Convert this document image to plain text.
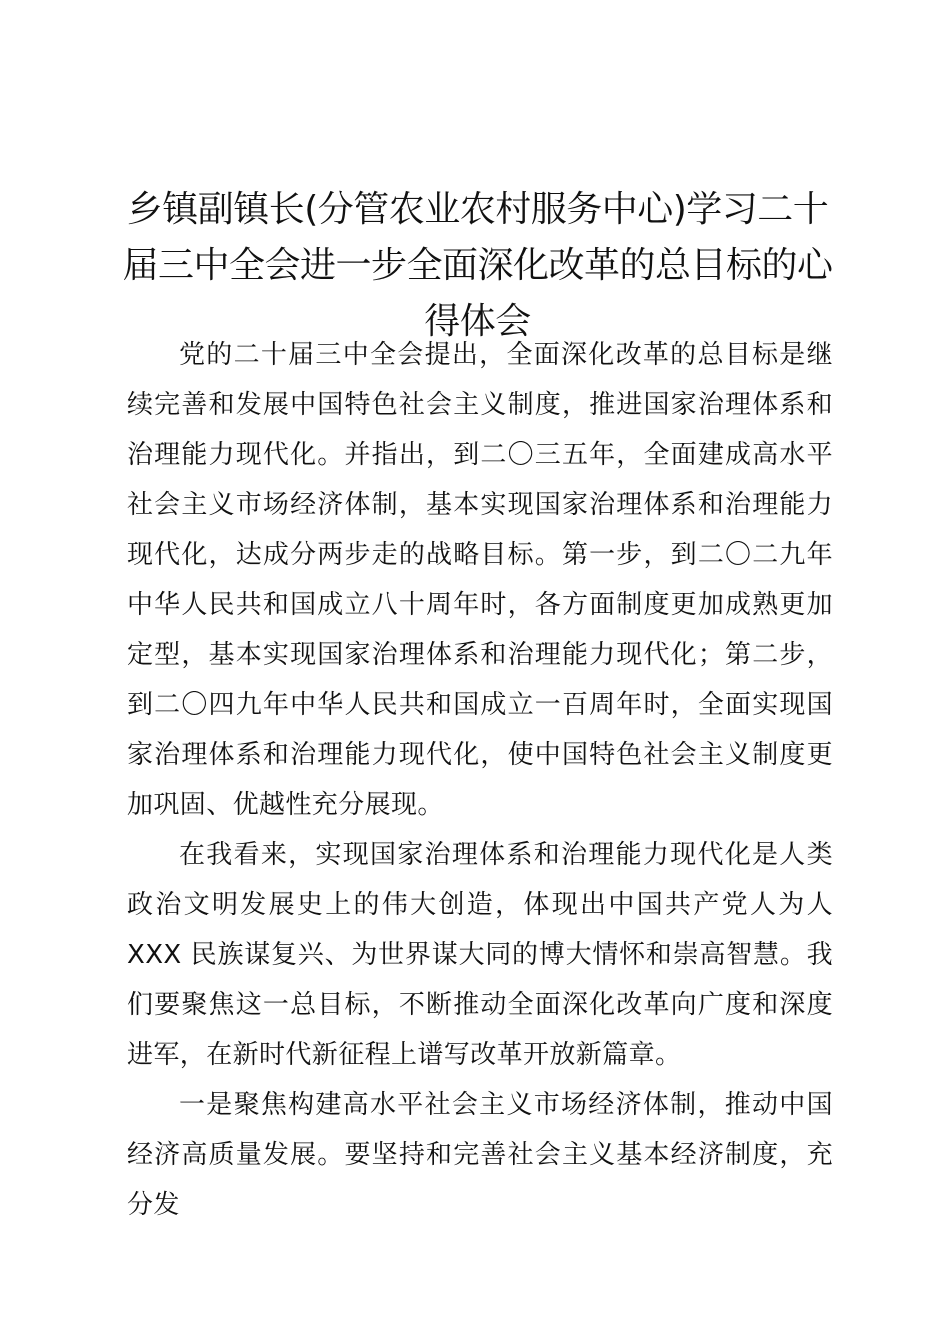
乡镇副镇长(分管农业农村服务中心)学习二十届三中全会进一步全面深化改革的总目标的心得体会

党的二十届三中全会提出，全面深化改革的总目标是继续完善和发展中国特色社会主义制度，推进国家治理体系和治理能力现代化。并指出，到二〇三五年，全面建成高水平社会主义市场经济体制，基本实现国家治理体系和治理能力现代化，达成分两步走的战略目标。第一步，到二〇二九年中华人民共和国成立八十周年时，各方面制度更加成熟更加定型，基本实现国家治理体系和治理能力现代化；第二步，到二〇四九年中华人民共和国成立一百周年时，全面实现国家治理体系和治理能力现代化，使中国特色社会主义制度更加巩固、优越性充分展现。

在我看来，实现国家治理体系和治理能力现代化是人类政治文明发展史上的伟大创造，体现出中国共产党人为人 XXX 民族谋复兴、为世界谋大同的博大情怀和崇高智慧。我们要聚焦这一总目标，不断推动全面深化改革向广度和深度进军，在新时代新征程上谱写改革开放新篇章。

一是聚焦构建高水平社会主义市场经济体制，推动中国经济高质量发展。要坚持和完善社会主义基本经济制度，充分发
